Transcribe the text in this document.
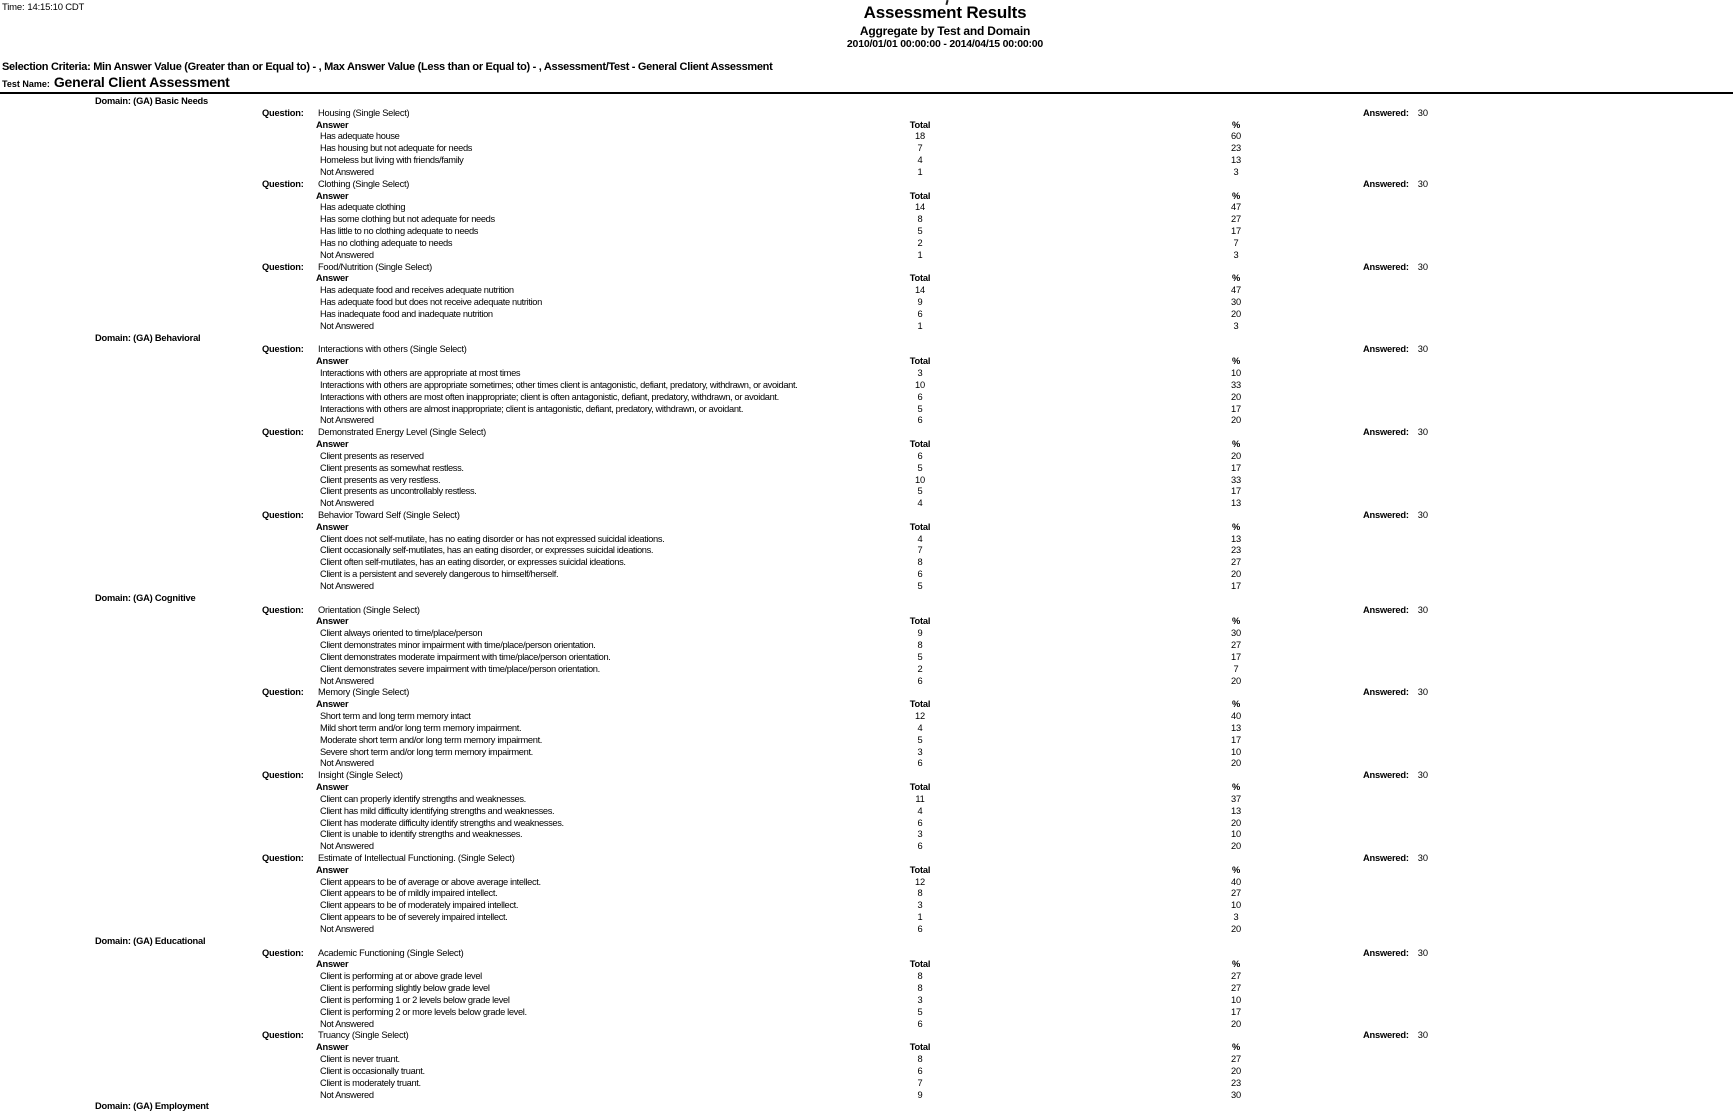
Time: 14:15:10 CDT	Assessment Results
Aggregate by Test and Domain
2010/01/01 00:00:00 - 2014/04/15 00:00:00
Selection Criteria: Min Answer Value (Greater than or Equal to) - , Max Answer Value (Less than or Equal to) - , Assessment/Test - General Client Assessment
Test Name: General Client Assessment
Domain: (GA) Basic Needs
Question: Housing (Single Select)	Answered: 30
Answer	Total	%
Has adequate house	18	60
Has housing but not adequate for needs	7	23
Homeless but living with friends/family	4	13
Not Answered	1	3
Question: Clothing (Single Select)	Answered: 30
Answer	Total	%
Has adequate clothing	14	47
Has some clothing but not adequate for needs	8	27
Has little to no clothing adequate to needs	5	17
Has no clothing adequate to needs	2	7
Not Answered	1	3
Question: Food/Nutrition (Single Select)	Answered: 30
Answer	Total	%
Has adequate food and receives adequate nutrition	14	47
Has adequate food but does not receive adequate nutrition	9	30
Has inadequate food and inadequate nutrition	6	20
Not Answered	1	3
Domain: (GA) Behavioral
Question: Interactions with others (Single Select)	Answered: 30
Answer	Total	%
Interactions with others are appropriate at most times	3	10
Interactions with others are appropriate sometimes; other times client is antagonistic, defiant, predatory, withdrawn, or avoidant.	10	33
Interactions with others are most often inappropriate; client is often antagonistic, defiant, predatory, withdrawn, or avoidant.	6	20
Interactions with others are almost inappropriate; client is antagonistic, defiant, predatory, withdrawn, or avoidant.	5	17
Not Answered	6	20
Question: Demonstrated Energy Level (Single Select)	Answered: 30
Answer	Total	%
Client presents as reserved	6	20
Client presents as somewhat restless.	5	17
Client presents as very restless.	10	33
Client presents as uncontrollably restless.	5	17
Not Answered	4	13
Question: Behavior Toward Self (Single Select)	Answered: 30
Answer	Total	%
Client does not self-mutilate, has no eating disorder or has not expressed suicidal ideations.	4	13
Client occasionally self-mutilates, has an eating disorder, or expresses suicidal ideations.	7	23
Client often self-mutilates, has an eating disorder, or expresses suicidal ideations.	8	27
Client is a persistent and severely dangerous to himself/herself.	6	20
Not Answered	5	17
Domain: (GA) Cognitive
Question: Orientation (Single Select)	Answered: 30
Answer	Total	%
Client always oriented to time/place/person	9	30
Client demonstrates minor impairment with time/place/person orientation.	8	27
Client demonstrates moderate impairment with time/place/person orientation.	5	17
Client demonstrates severe impairment with time/place/person orientation.	2	7
Not Answered	6	20
Question: Memory (Single Select)	Answered: 30
Answer	Total	%
Short term and long term memory intact	12	40
Mild short term and/or long term memory impairment.	4	13
Moderate short term and/or long term memory impairment.	5	17
Severe short term and/or long term memory impairment.	3	10
Not Answered	6	20
Question: Insight (Single Select)	Answered: 30
Answer	Total	%
Client can properly identify strengths and weaknesses.	11	37
Client has mild difficulty identifying strengths and weaknesses.	4	13
Client has moderate difficulty identify strengths and weaknesses.	6	20
Client is unable to identify strengths and weaknesses.	3	10
Not Answered	6	20
Question: Estimate of Intellectual Functioning. (Single Select)	Answered: 30
Answer	Total	%
Client appears to be of average or above average intellect.	12	40
Client appears to be of mildly impaired intellect.	8	27
Client appears to be of moderately impaired intellect.	3	10
Client appears to be of severely impaired intellect.	1	3
Not Answered	6	20
Domain: (GA) Educational
Question: Academic Functioning (Single Select)	Answered: 30
Answer	Total	%
Client is performing at or above grade level	8	27
Client is performing slightly below grade level	8	27
Client is performing 1 or 2 levels below grade level	3	10
Client is performing 2 or more levels below grade level.	5	17
Not Answered	6	20
Question: Truancy (Single Select)	Answered: 30
Answer	Total	%
Client is never truant.	8	27
Client is occasionally truant.	6	20
Client is moderately truant.	7	23
Not Answered	9	30
Domain: (GA) Employment
